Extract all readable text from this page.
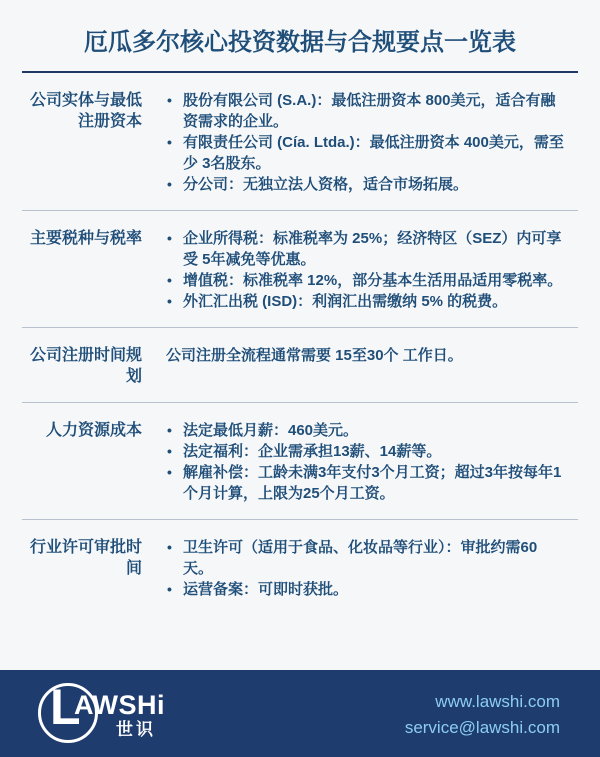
厄瓜多尔核心投资数据与合规要点一览表
公司实体与最低注册资本
• 股份有限公司 (S.A.)：最低注册资本 800美元，适合有融资需求的企业。
• 有限责任公司 (Cía. Ltda.)：最低注册资本 400美元，需至少 3名股东。
• 分公司：无独立法人资格，适合市场拓展。
主要税种与税率 • 企业所得税：标准税率为 25%；经济特区（SEZ）内可享受 5年减免等优惠。
• 增值税：标准税率 12%，部分基本生活用品适用零税率。
• 外汇汇出税 (ISD)：利润汇出需缴纳 5% 的税费。
公司注册时间规划
公司注册全流程通常需要 15至30个 工作日。
人力资源成本 • 法定最低月薪：460美元。
• 法定福利：企业需承担13薪、14薪等。
• 解雇补偿：工龄未满3年支付3个月工资；超过3年按每年1个月计算，上限为25个月工资。
行业许可审批时间
• 卫生许可（适用于食品、化妆品等行业）：审批约需60天。
• 运营备案：可即时获批。
L
AWSHi
世识
www.lawshi.com
service@lawshi.com
